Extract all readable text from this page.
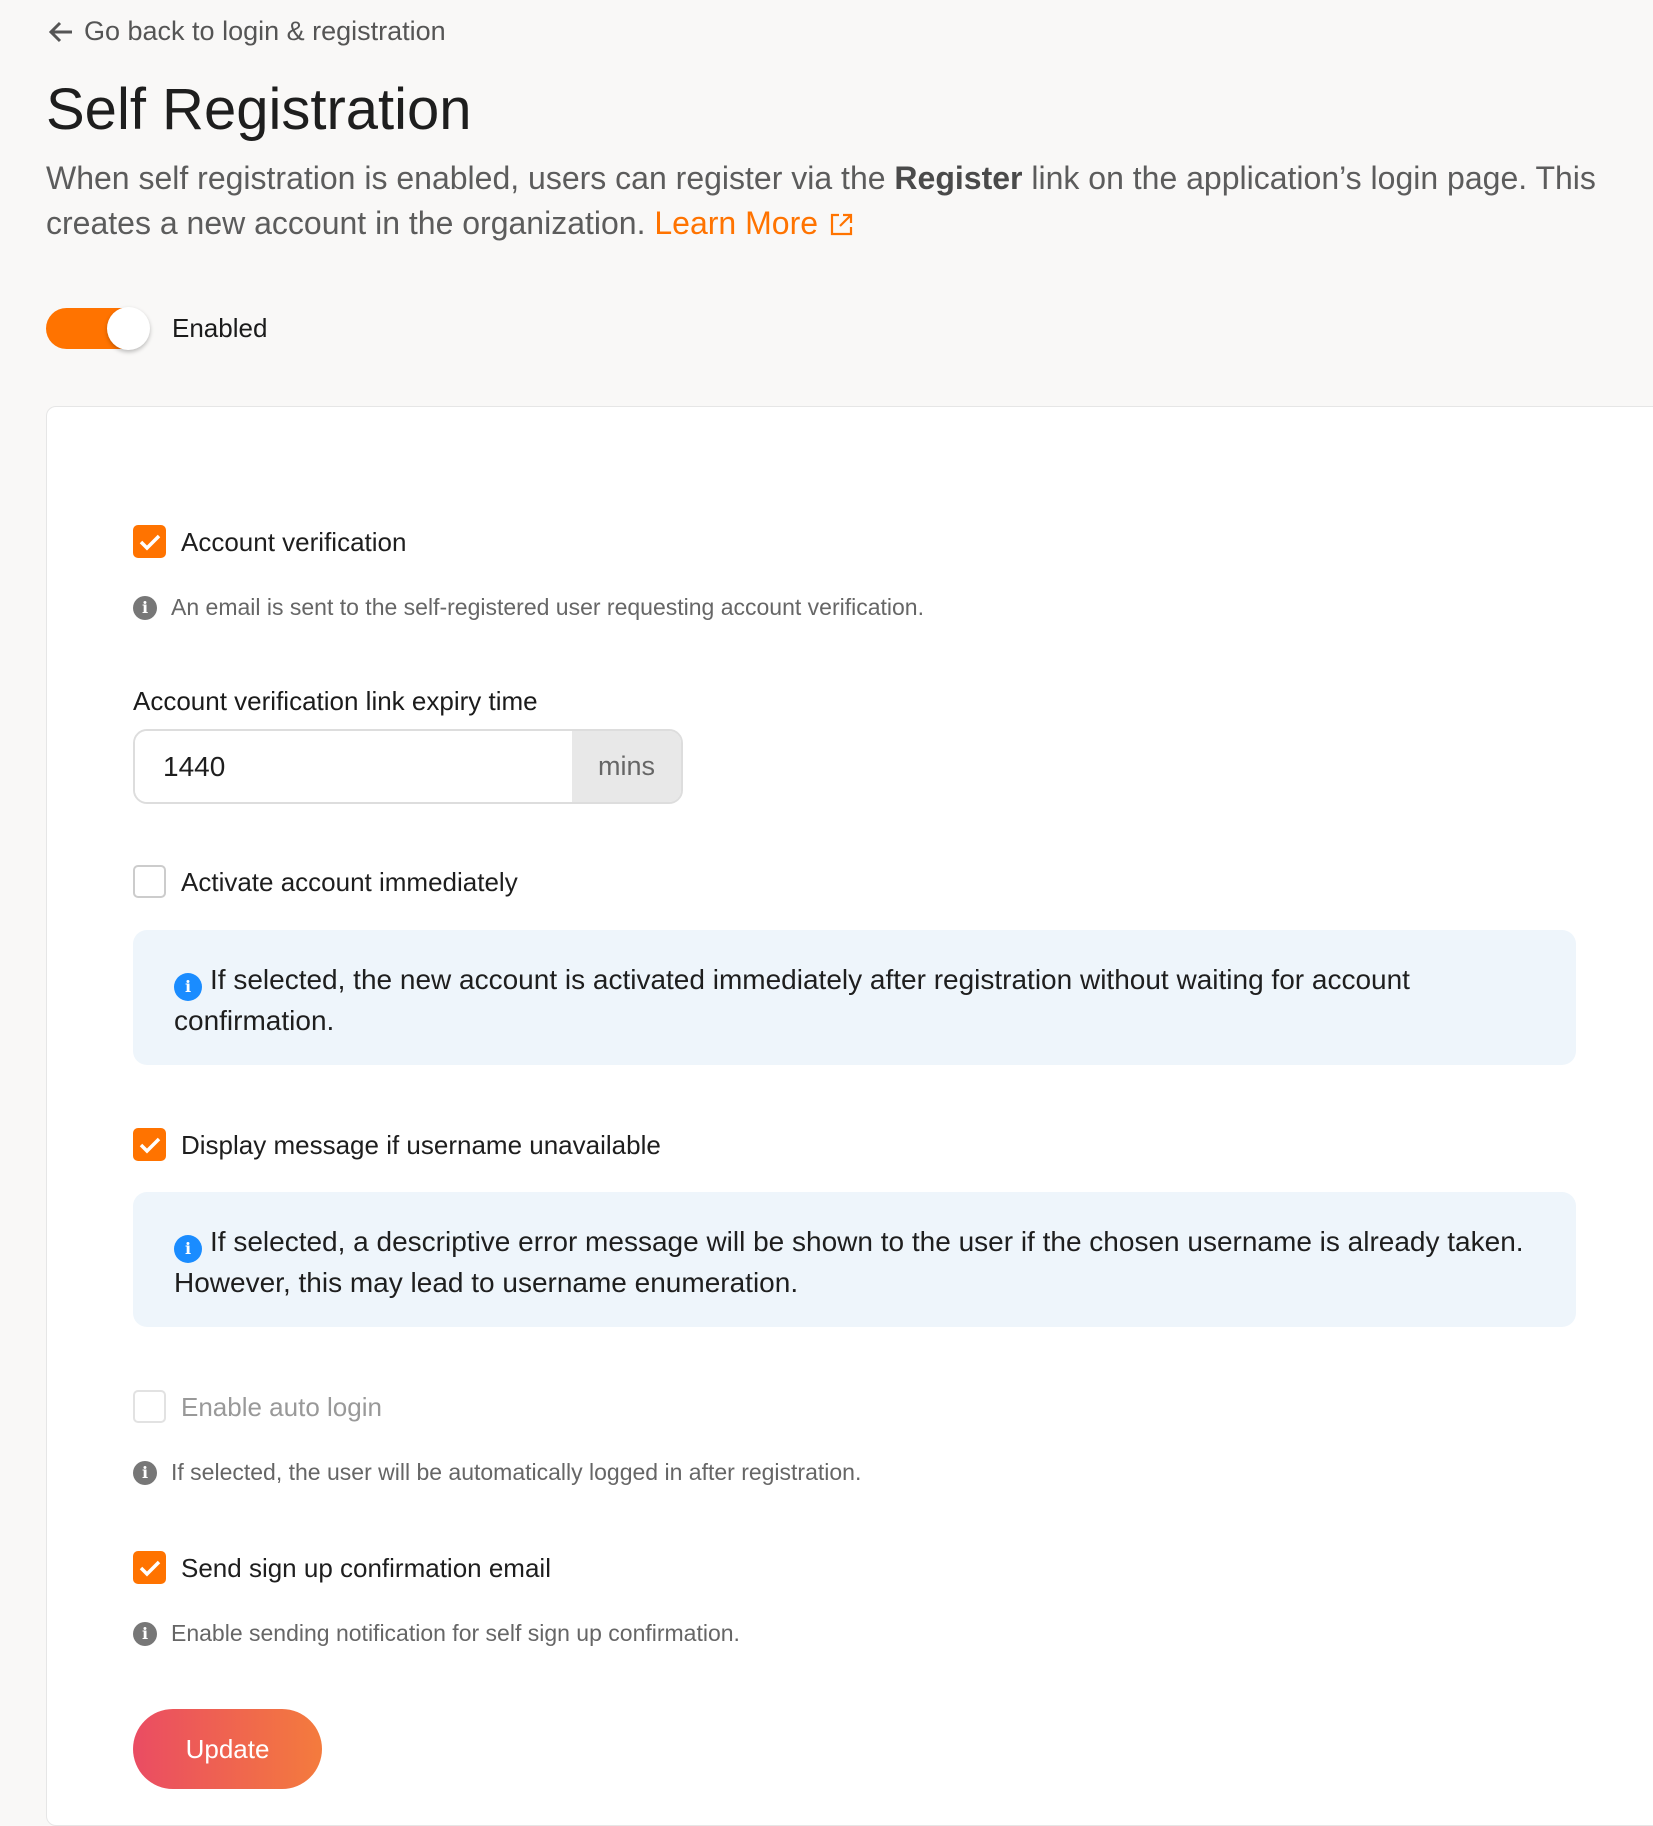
Go back to login & registration
Self Registration

When self registration is enabled, users can register via the Register link on the application’s login page. This creates a new account in the organization. Learn More

Enabled
Account verification
i An email is sent to the self-registered user requesting account verification.
Account verification link expiry time
1440
mins
Activate account immediately
i If selected, the new account is activated immediately after registration without waiting for account confirmation.
Display message if username unavailable
i If selected, a descriptive error message will be shown to the user if the chosen username is already taken. However, this may lead to username enumeration.
Enable auto login
i If selected, the user will be automatically logged in after registration.
Send sign up confirmation email
i Enable sending notification for self sign up confirmation.
Update
